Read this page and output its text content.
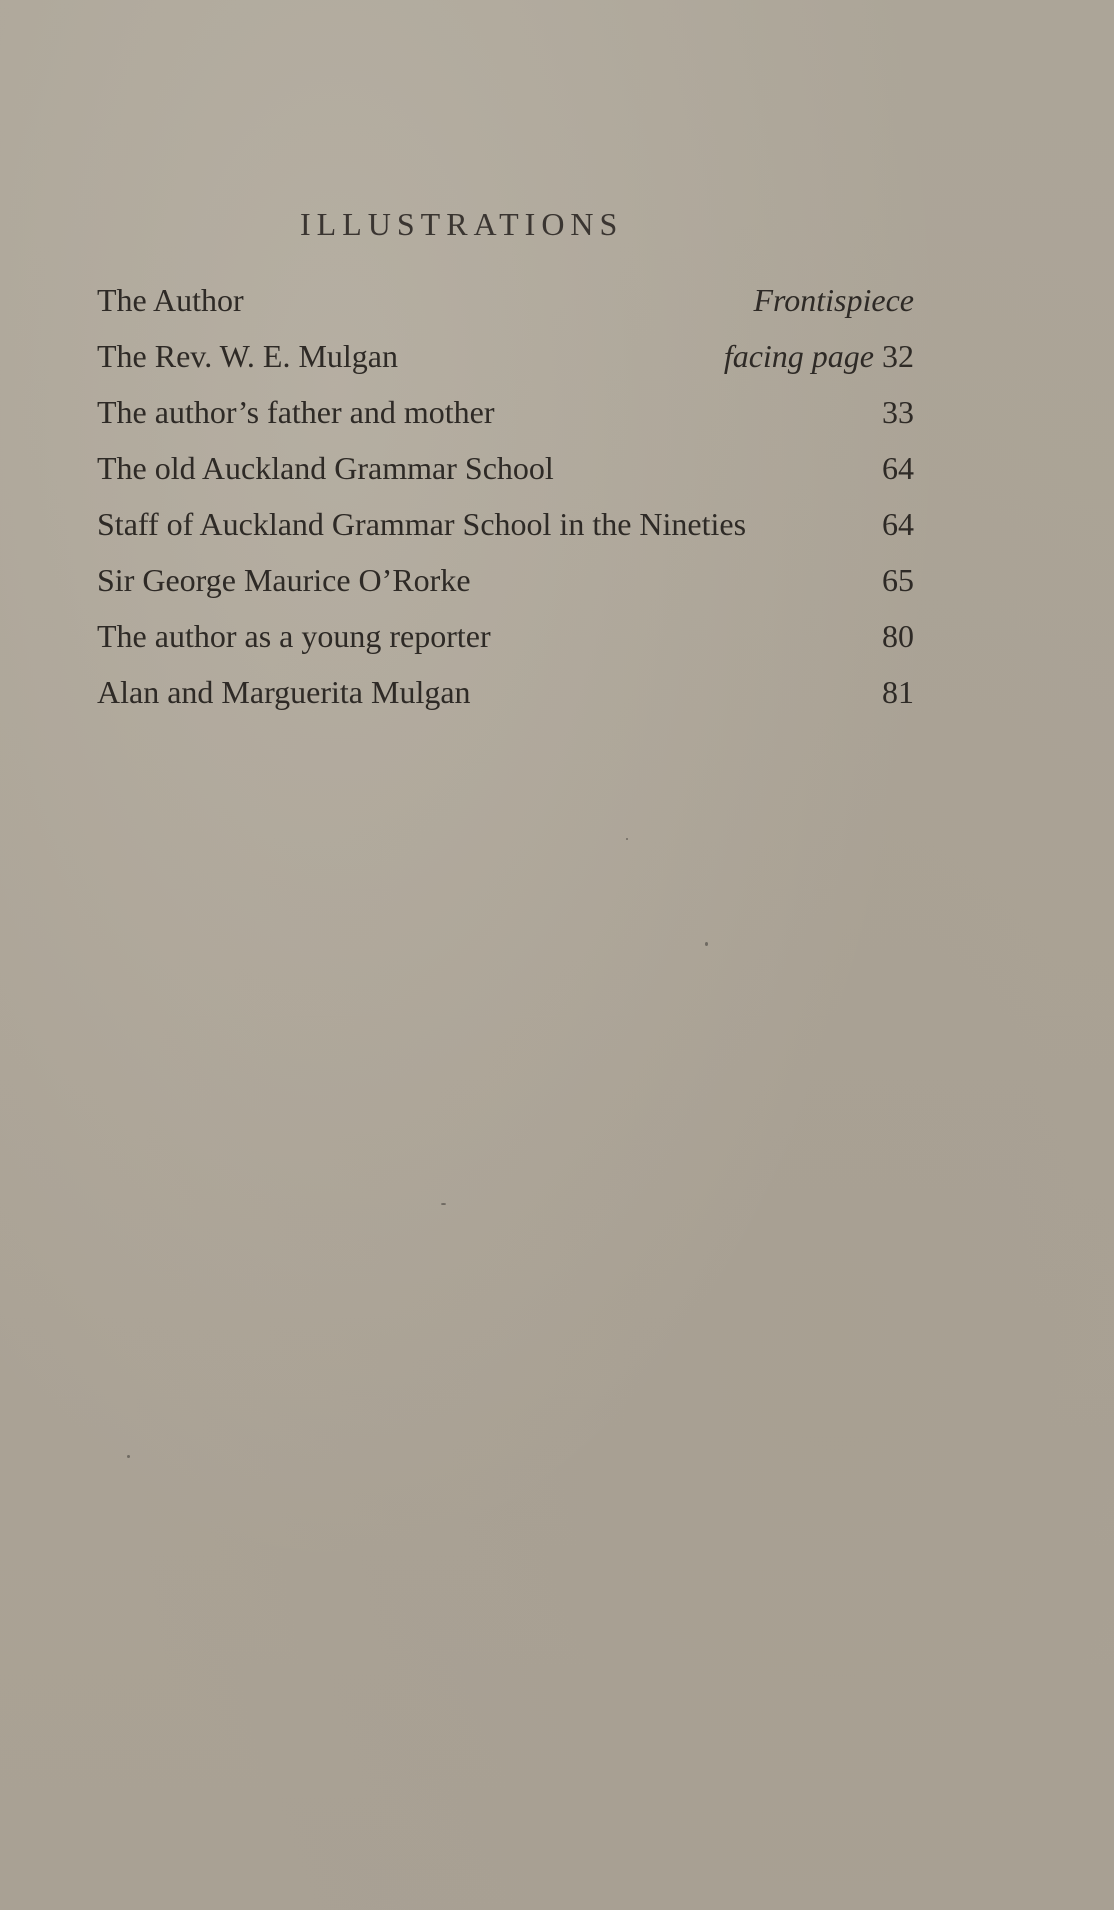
ILLUSTRATIONS
The Author	Frontispiece
The Rev. W. E. Mulgan	facing page 32
The author’s father and mother	33
The old Auckland Grammar School	64
Staff of Auckland Grammar School in the Nineties	64
Sir George Maurice O’Rorke	65
The author as a young reporter	80
Alan and Marguerita Mulgan	81
